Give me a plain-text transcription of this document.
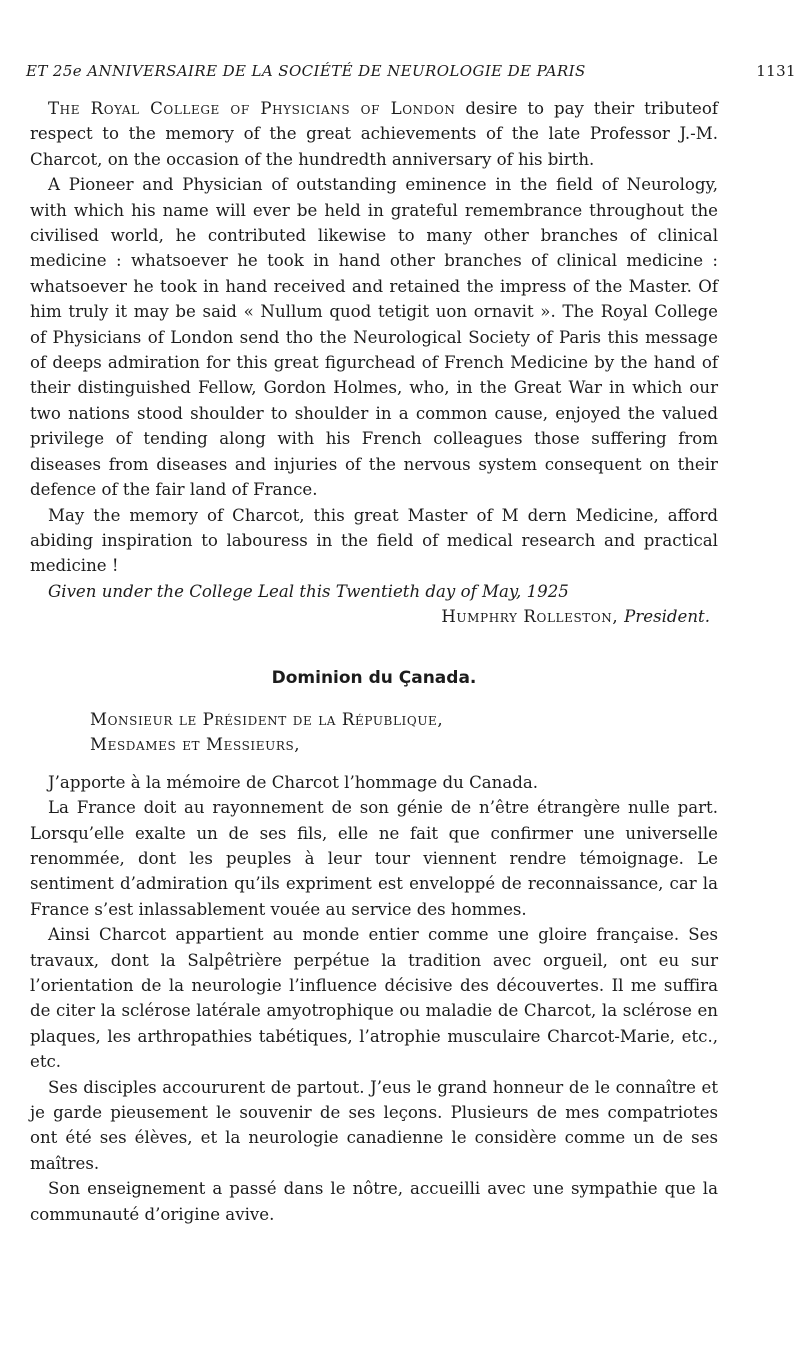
ET 25e ANNIVERSAIRE DE LA SOCIÉTÉ DE NEUROLOGIE DE PARIS	1131

The Royal College of Physicians of London desire to pay their tributeof respect to the memory of the great achievements of the late Professor J.-M. Charcot, on the occasion of the hundredth anniversary of his birth.

A Pioneer and Physician of outstanding eminence in the field of Neurology, with which his name will ever be held in grateful remembrance throughout the civilised world, he contributed likewise to many other branches of clinical medicine : whatsoever he took in hand other branches of clinical medicine : whatsoever he took in hand received and retained the impress of the Master. Of him truly it may be said « Nullum quod tetigit uon ornavit ». The Royal College of Physicians of London send tho the Neurological Society of Paris this message of deeps admiration for this great figurchead of French Medicine by the hand of their distinguished Fellow, Gordon Holmes, who, in the Great War in which our two nations stood shoulder to shoulder in a common cause, enjoyed the valued privilege of tending along with his French colleagues those suffering from diseases from diseases and injuries of the nervous system consequent on their defence of the fair land of France.

May the memory of Charcot, this great Master of M dern Medicine, afford abiding inspiration to labouress in the field of medical research and practical medicine !

Given under the College Leal this Twentieth day of May, 1925

Humphry Rolleston, President.

Dominion du Çanada.

Monsieur le Président de la République,

Mesdames et Messieurs,

J’apporte à la mémoire de Charcot l’hommage du Canada.

La France doit au rayonnement de son génie de n’être étrangère nulle part. Lorsqu’elle exalte un de ses fils, elle ne fait que confirmer une universelle renommée, dont les peuples à leur tour viennent rendre témoignage. Le sentiment d’admiration qu’ils expriment est enveloppé de reconnaissance, car la France s’est inlassablement vouée au service des hommes.

Ainsi Charcot appartient au monde entier comme une gloire française. Ses travaux, dont la Salpêtrière perpétue la tradition avec orgueil, ont eu sur l’orientation de la neurologie l’influence décisive des découvertes. Il me suffira de citer la sclérose latérale amyotrophique ou maladie de Charcot, la sclérose en plaques, les arthropathies tabétiques, l’atrophie musculaire Charcot-Marie, etc., etc.

Ses disciples accoururent de partout. J’eus le grand honneur de le connaître et je garde pieusement le souvenir de ses leçons. Plusieurs de mes compatriotes ont été ses élèves, et la neurologie canadienne le considère comme un de ses maîtres.

Son enseignement a passé dans le nôtre, accueilli avec une sympathie que la communauté d’origine avive.
